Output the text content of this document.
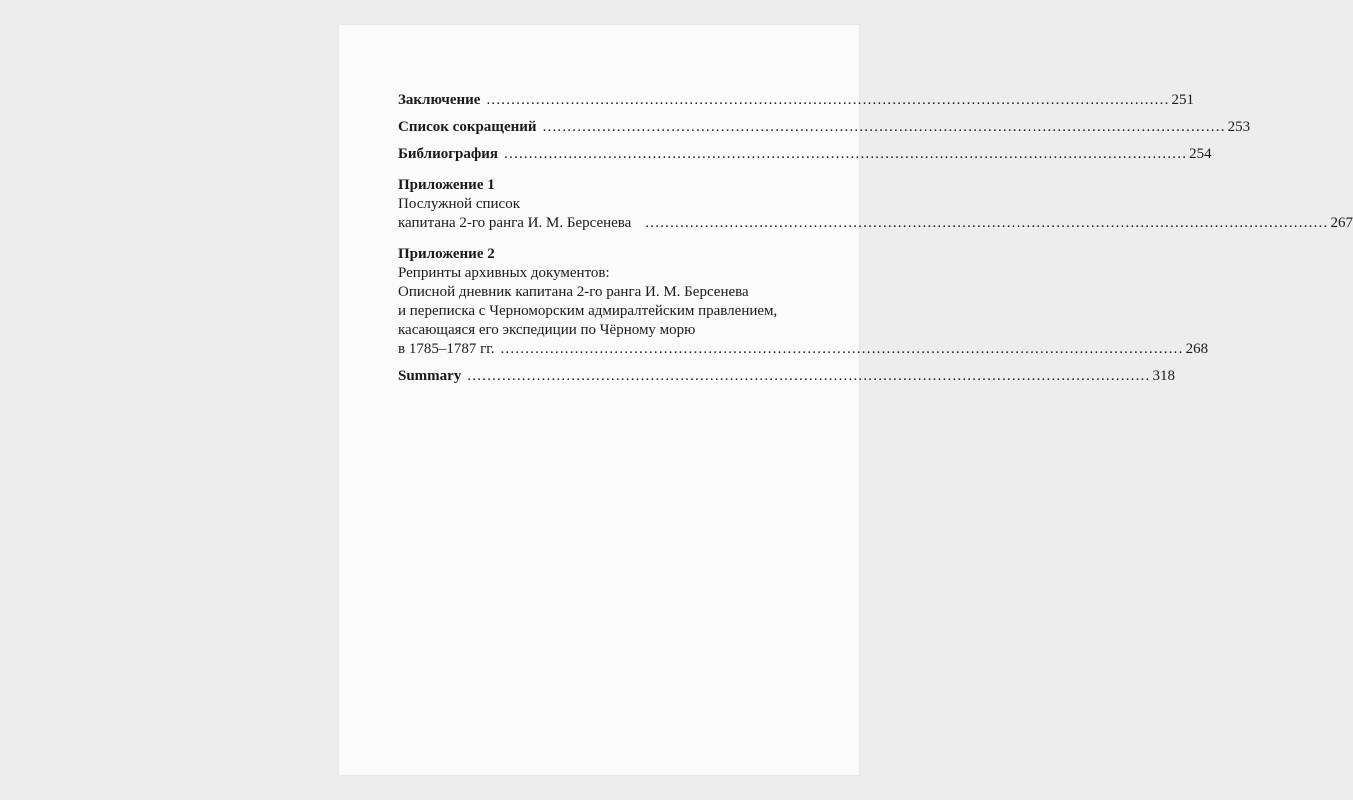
Заключение .......................................................................................................................................... 251
Список сокращений .......................................................................................................................................... 253
Библиография .......................................................................................................................................... 254
Приложение 1
Послужной список
капитана 2-го ранга И. М. Берсенева .......................................................................................................................................... 267
Приложение 2
Репринты архивных документов:
Описной дневник капитана 2-го ранга И. М. Берсенева
и переписка с Черноморским адмиралтейским правлением,
касающаяся его экспедиции по Чёрному морю
в 1785–1787 гг. .......................................................................................................................................... 268
Summary .......................................................................................................................................... 318
